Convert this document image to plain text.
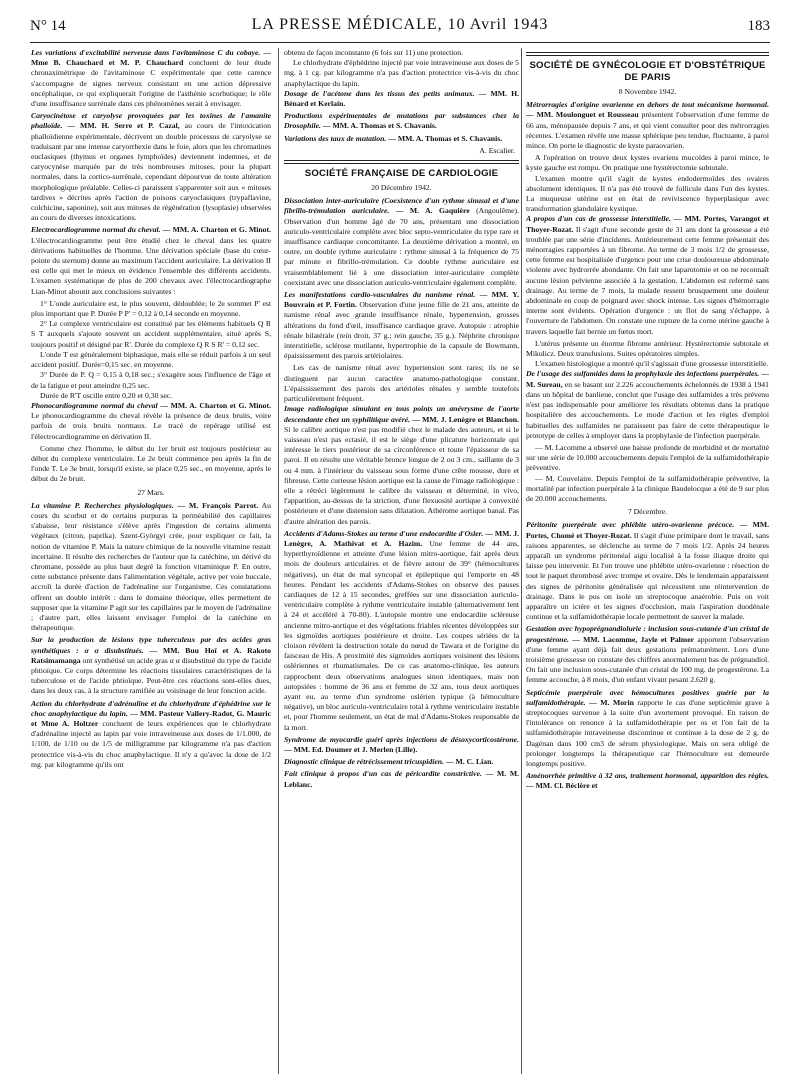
N° 14	LA PRESSE MÉDICALE, 10 Avril 1943	183

Les variations d'excitabilité nerveuse dans l'avitaminose C du cobaye. — Mme B. Chauchard et M. P. Chauchard concluent de leur étude chronaximétrique de l'avitaminose C expérimentale que cette carence s'accompagne de signes nerveux consistant en une action dépressive encéphalique, ce qui expliquerait l'origine de l'asthénie scorbutique; le rôle d'une insuffisance surrénale dans ces phénomènes serait à envisager.

Caryocinétose et caryolyse provoquées par les toxines de l'amanite phalloïde. — MM. H. Serre et P. Cazal, au cours de l'intoxication phalloïdienne expérimentale, décrivent un double processus de caryolyse se traduisant par une intense caryorrhexie dans le foie, alors que les chromatines euclasiques (thymus et organes lymphoïdes) deviennent indemnes, et de caryocynèse marquée par de très nombreuses mitoses, pour la plupart normales, dans la cortico-surrénale, cependant dépourvue de toute altération morphologique préalable. Celles-ci paraissent s'apparenter soit aux « mitoses tardives » décrites après l'action de poisons caryoclasiques (trypaflavine, colchicine, saponine), soit aux mitoses de régénération (lysoplasie) observées au cours de diverses intoxications.

Electrocardiogramme normal du cheval. — MM. A. Charton et G. Minot. L'électrocardiogramme peut être étudié chez le cheval dans les quatre dérivations habituelles de l'homme. Une dérivation spéciale (base du cœur-pointe du sternum) donne au maximum l'accident auriculaire. La dérivation II est celle qui met le mieux en évidence l'ensemble des différents accidents. L'examen systématique de plus de 200 chevaux avec l'électrocardiographe Lian-Minot aboutit aux conclusions suivantes :

1° L'onde auriculaire est, le plus souvent, dédoublée; le 2e sommet P' est plus important que P. Durée P P' = 0,12 à 0,14 seconde en moyenne.

2° Le complexe ventriculaire est constitué par les éléments habituels Q R S T auxquels s'ajoute souvent un accident supplémentaire, situé après S, toujours positif et désigné par R'. Durée du complexe Q R S R' = 0,12 sec.

L'onde T est généralement biphasique, mais elle se réduit parfois à un seul accident positif. Durée=0,15 sec. en moyenne.

3° Durée de P. Q = 0,15 à 0,18 sec.; s'exagère sous l'influence de l'âge et de la fatigue et peut atteindre 0,25 sec.

Durée de R'T oscille entre 0,20 et 0,30 sec.

Phonocardiogramme normal du cheval — MM. A. Charton et G. Minot. Le phonocardiogramme du cheval révèle la présence de deux bruits, voire parfois de trois bruits normaux. Le tracé de repérage utilisé est l'électrocardiogramme en dérivation II.

Comme chez l'homme, le début du 1er bruit est toujours postérieur au début du complexe ventriculaire. Le 2e bruit commence peu après la fin de l'onde T. Le 3e bruit, lorsqu'il existe, se place 0,25 sec., en moyenne, après le début du 2e bruit.

27 Mars.

La vitamine P. Recherches physiologiques. — M. François Parrot. Au cours du scorbut et de certains purpuras la perméabilité des capillaires s'abaisse, leur résistance s'élève après l'ingestion de certains aliments végétaux (citron, paprika). Szent-Györgyi crée, pour expliquer ce fait, la notion de vitamine P. Mais la nature chimique de la nouvelle vitamine restait incertaine. Il résulte des recherches de l'auteur que la catéchine, un dérivé du chromane, possède au plus haut degré la fonction vitaminique P. En outre, cette substance présente dans l'alimentation végétale, active per voie buccale, accroît la durée d'action de l'adrénaline sur l'organisme. Ces constatations offrent un double intérêt : dans le domaine théorique, elles permettent de supposer que la vitamine P agit sur les capillaires par le moyen de l'adrénaline ; d'autre part, elles laissent envisager l'emploi de la catéchine en thérapeutique.

Sur la production de lésions type tuberculeux par des acides gras synthétiques : α α disubstitués. — MM. Buu Hoï et A. Rakoto Ratsimamanga ont synthétisé un acide gras α α disubstitué du type de l'acide phtioïque. Ce corps détermine les réactions tissulaires caractéristiques de la tuberculose et de l'acide phtioïque. Peut-être ces réactions sont-elles dues, dans les deux cas, à la structure ramifiée au voisinage de leur fonction acide.

Action du chlorhydrate d'adrénaline et du chlorhydrate d'éphédrine sur le choc anaphylactique du lapin. — MM. Pasteur Vallery-Radot, G. Mauric et Mme A. Holtzer concluent de leurs expériences que le chlorhydrate d'adrénaline injecté au lapin par voie intraveineuse aux doses de 1/1.000, de 1/100, de 1/10 ou de 1/5 de milligramme par kilogramme n'a pas d'action protectrice vis-à-vis du choc anaphylactique. Il n'y a qu'avec la dose de 1/2 mg. par kilogramme qu'ils ont

obtenu de façon inconstante (6 fois sur 11) une protection.

Le chlorhydrate d'éphédrine injecté par voie intraveineuse aux doses de 5 mg. à 1 cg. par kilogramme n'a pas d'action protectrice vis-à-vis du choc anaphylactique du lapin.

Dosage de l'acétone dans les tissus des petits animaux. — MM. H. Bénard et Kerlain.

Productions expérimentales de mutations par substances chez la Drosophile. — MM. A. Thomas et S. Chavanis.

Variations des taux de mutation. — MM. A. Thomas et S. Chavanis.

A. Escalier.

SOCIÉTÉ FRANÇAISE DE CARDIOLOGIE

20 Décembre 1942.

Dissociation inter-auriculaire (Coexistence d'un rythme sinusal et d'une fibrillo-trémulation auriculaire. — M. A. Gaquière (Angoulême). Observation d'un homme âgé de 70 ans, présentant une dissociation auriculo-ventriculaire complète avec bloc septo-ventriculaire du type rare et insuffisance cardiaque concomitante. La deuxième dérivation a montré, en outre, un double rythme auriculaire : rythme sinusal à la fréquence de 75 par minute et fibrillo-trémulation. Ce double rythme auriculaire est vraisemblablement lié à une dissociation inter-auriculaire complète coexistant avec une dissociation auriculo-ventriculaire également complète.

Les manifestations cardio-vasculaires du nanisme rénal. — MM. Y. Bouvrain et P. Fortin. Observation d'une jeune fille de 21 ans, atteinte de nanisme rénal avec grande insuffisance rénale, hypertension, grosses altérations du fond d'œil, insuffisance cardiaque grave. Autopsie : atrophie rénale bilatérale (rein droit, 37 g.; rein gauche, 35 g.). Néphrite chronique interstitielle, sclérose mutilante, hypertrophie de la capsule de Bowmann, épaississement des parois artériolaires.

Les cas de nanisme rénal avec hypertension sont rares; ils ne se distinguent par aucun caractère anatomo-pathologique constant. L'épaississement des parois des artérioles rénales y semble toutefois particulièrement fréquent.

Image radiologique simulant en tous points un anévrysme de l'aorte descendante chez un syphilitique avéré. — MM. J. Lenègre et Blanchon. Si le calibre aortique n'est pas modifié chez le malade des auteurs, et si le vaisseau n'est pas ectasié, il est le siège d'une plicature horizontale qui intéresse le tiers postérieur de sa circonférence et toute l'épaisseur de sa paroi. Il en résulte une véritable bronce longue de 2 ou 3 cm., saillante de 3 ou 4 mm. à l'intérieur du vaisseau sous forme d'une crête mousse, dure et fibreuse. Cette curieuse lésion aortique est la cause de l'image radiologique : elle a rétréci légèrement le calibre du vaisseau et déterminé, in vivo, l'apparition, au-dessus de la striction, d'une flexuosité aortique à convexité postérieure et d'une distension sans dilatation. Athérome aortique banal. Pas d'autre altération des parois.

Accidents d'Adams-Stokes au terme d'une endocardite d'Osler. — MM. J. Lenègre, A. Mathivat et A. Hazim. Une femme de 44 ans, hyperthyroïdienne et atteinte d'une lésion mitro-aortique, fait après deux mois de douleurs articulaires et de fièvre autour de 39° (hémocultures négatives), un état de mal syncopal et épileptique qui l'emporte en 48 heures. Pendant les accidents d'Adams-Stokes on observe des pauses cardiaques de 12 à 15 secondes, greffées sur une dissociation auriculo-ventriculaire complète à rythme ventriculaire instable (alternativement lent à 24 et accéléré à 70-80). L'autopsie montre une endocardite scléreuse ancienne mitro-aortique et des végétations friables récentes développées sur les sigmoïdes aortiques postérieure et droite. Les coupes sériées de la cloison révèlent la destruction totale du nœud de Tawara et de l'origine du faisceau de His. A proximité des sigmoïdes aortiques voisinent des lésions oslériennes et rhumatismales. De ce cas anatomo-clinique, les auteurs rapprochent deux observations analogues sinon identiques, mais non autopsiées : homme de 36 ans et femme de 32 ans, tous deux aortiques ayant eu, au terme d'un syndrome oslérien typique (à hémoculture négative), un bloc auriculo-ventriculaire total à rythme ventriculaire instable et, pour l'homme seulement, un état de mal d'Adams-Stokes responsable de la mort.

Syndrome de myocardie guéri après injections de désoxycorticostérone. — MM. Ed. Doumer et J. Merlen (Lille).

Diagnostic clinique de rétrécissement tricuspidien. — M. C. Lian.

Fait clinique à propos d'un cas de péricardite constrictive. — M. M. Leblanc.

SOCIÉTÉ DE GYNÉCOLOGIE ET D'OBSTÉTRIQUE
DE PARIS

8 Novembre 1942.

Métrorragies d'origine ovarienne en dehors de tout mécanisme hormonal. — MM. Moulonguet et Rousseau présentent l'observation d'une femme de 66 ans, ménopausée depuis 7 ans, et qui vient consulter pour des métrorragies récentes. L'examen révèle une masse sphérique peu tendue, fluctuante, à paroi mince. On porte le diagnostic de kyste paraovarien.

A l'opération on trouve deux kystes ovariens mucoïdes à paroi mince, le kyste gauche est rompu. On pratique une hystérectomie subtotale.

L'examen montre qu'il s'agit de kystes endodermoïdes des ovaires absolument identiques. Il n'a pas été trouvé de follicule dans l'un des kystes. La muqueuse utérine est en état de reviviscence hyperplasique avec transformation glandulaire kystique.

A propos d'un cas de grossesse interstitielle. — MM. Portes, Varangot et Thoyer-Rozat. Il s'agit d'une seconde geste de 31 ans dont la grossesse a été troublée par une série d'incidents. Antérieurement cette femme présentait des ménorragies rapportées à un fibrome. Au terme de 3 mois 1/2 de grossesse, cette femme est hospitalisée d'urgence pour une crise douloureuse abdominale violente avec hydrorrée abondante. On fait une laparotomie et on ne reconnaît aucune lésion pelvienne associée à la gestation. L'abdomen est refermé sans drainage. Au terme de 7 mois, la malade ressent brusquement une douleur abdominale en coup de poignard avec shock intense. Les signes d'hémorragie interne sont évidents. Opération d'urgence : un flot de sang s'échappe, à l'ouverture de l'abdomen. On constate une rupture de la corne utérine gauche à travers laquelle fait hernie un fœtus mort.

L'utérus présente un énorme fibrome antérieur. Hystérectomie subtotale et Mikulicz. Deux transfusions. Suites opératoires simples.

L'examen histologique a montré qu'il s'agissait d'une grossesse interstitielle.

De l'usage des sulfamides dans la prophylaxie des infections puerpérales. — M. Sureau, en se basant sur 2.226 accouchements échelonnés de 1938 à 1941 dans un hôpital de banlieue, conclut que l'usage des sulfamides a très prévenu n'est pas indispensable pour améliorer les résultats obtenus dans la pratique hospitalière des accouchements. Le mode d'action et les règles d'emploi habituelles des sulfamides ne paraissent pas faire de cette thérapeutique le prototype de celles à employer dans la prophylaxie de l'infection puerpérale.

— M. Lacomme a observé une baisse profonde de morbidité et de mortalité sur une série de 10.000 accouchements depuis l'emploi de la sulfamidothérapie préventive.

— M. Couvelaire. Depuis l'emploi de la sulfamidothérapie préventive, la mortalité par infection puerpérale à la clinique Baudelocque a été de 9 sur plus de 20.000 accouchements.

7 Décembre.

Péritonite puerpérale avec phlébite utéro-ovarienne précoce. — MM. Portes, Chomé et Thoyer-Rozat. Il s'agit d'une primipare dont le travail, sans raisons apparentes, se déclenche au terme de 7 mois 1/2. Après 24 heures apparaît un syndrome péritonéal aigu localisé à la fosse iliaque droite qui laisse peu intervenir. Et l'on trouve une phlébite utéro-ovarienne : résection de tout le paquet thrombosé avec trompe et ovaire. Dès le lendemain apparaissent des signes de péritonite généralisée qui nécessitent une réintervention de drainage. Dans le pus on isole un streptocoque anaérobie. Puis on voit apparaître un ictère et les signes d'occlusion, mais l'aspiration duodénale continue et la sulfamidothérapie locale permettent de sauver la malade.

Gestation avec hypoprégnandiolurie : inclusion sous-cutanée d'un cristal de progestérone. — MM. Lacomme, Jayle et Palmer apportent l'observation d'une femme ayant déjà fait deux gestations prématurément. Lors d'une troisième grossesse on constate des chiffres anormalement bas de prégnandiol. On fait une inclusion sous-cutanée d'un cristal de 100 mg. de progestérone. La femme accouche, à 8 mois, d'un enfant vivant pesant 2.620 g.

Septicémie puerpérale avec hémocultures positives guérie par la sulfamidothérapie. — M. Morin rapporte le cas d'une septicémie grave à streptocoques survenue à la suite d'un avortement provoqué. En raison de l'intolérance on renonce à la sulfamidothérapie per os et l'on fait de la sulfamidothérapie intraveineuse discontinue et continue à la dose de 2 g. de Dagénan dans 100 cm3 de sérum physiologique. Mais on sera obligé de prolonger longtemps la thérapeutique car l'hémoculture est demeurée longtemps positive.

Aménorrhée primitive à 32 ans, traitement hormonal, apparition des règles. — MM. Cl. Béclère et
